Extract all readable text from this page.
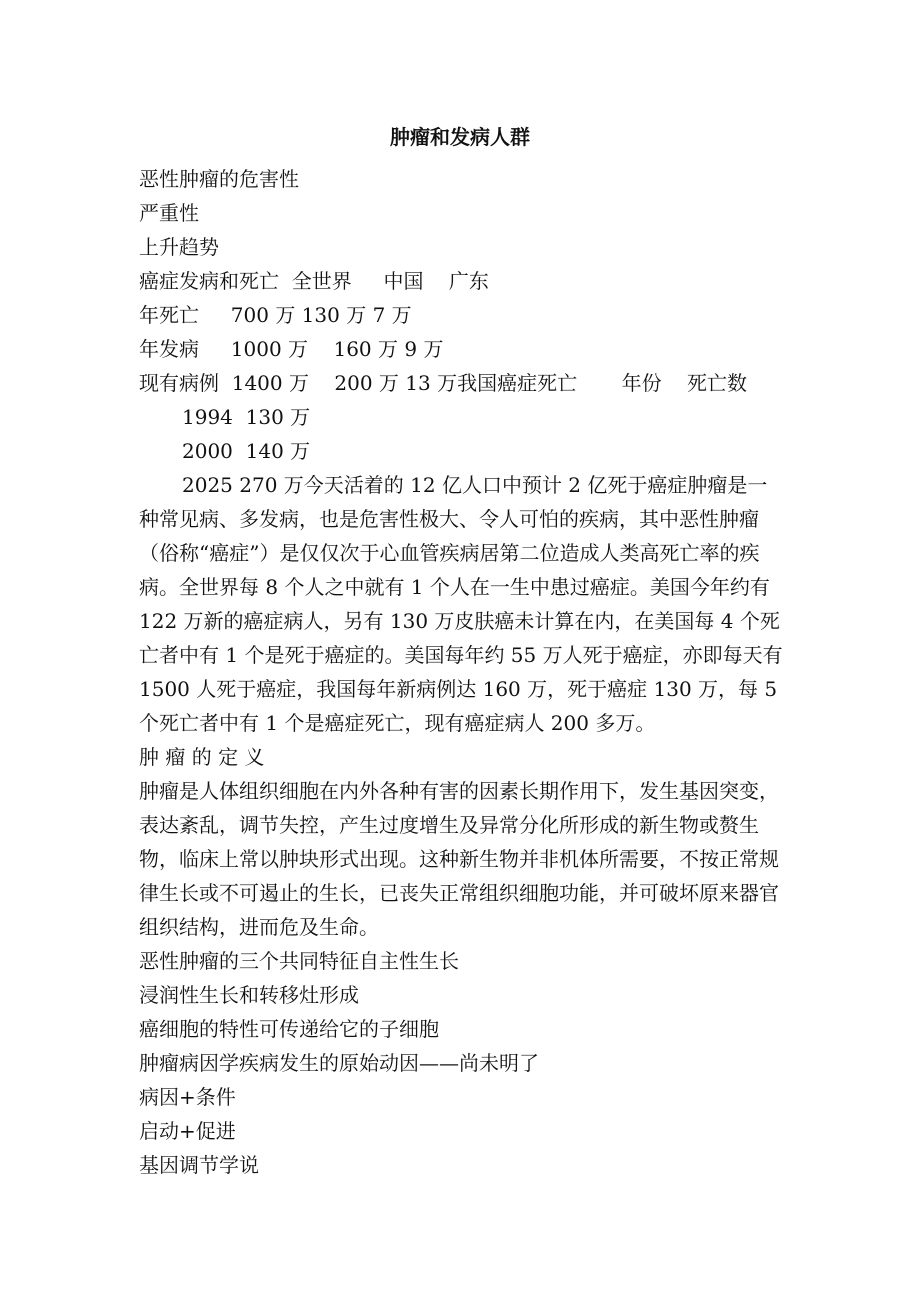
肿瘤和发病人群

恶性肿瘤的危害性

严重性

上升趋势

癌症发病和死亡  全世界     中国    广东

年死亡     700 万 130 万 7 万

年发病     1000 万    160 万 9 万

现有病例  1400 万    200 万 13 万我国癌症死亡       年份    死亡数

1994  130 万

2000  140 万

2025 270 万今天活着的 12 亿人口中预计 2 亿死于癌症肿瘤是一种常见病、多发病，也是危害性极大、令人可怕的疾病，其中恶性肿瘤（俗称“癌症”）是仅仅次于心血管疾病居第二位造成人类高死亡率的疾病。全世界每 8 个人之中就有 1 个人在一生中患过癌症。美国今年约有 122 万新的癌症病人，另有 130 万皮肤癌未计算在内，在美国每 4 个死亡者中有 1 个是死于癌症的。美国每年约 55 万人死于癌症，亦即每天有 1500 人死于癌症，我国每年新病例达 160 万，死于癌症 130 万，每 5 个死亡者中有 1 个是癌症死亡，现有癌症病人 200 多万。

肿 瘤 的 定 义

肿瘤是人体组织细胞在内外各种有害的因素长期作用下，发生基因突变，表达紊乱，调节失控，产生过度增生及异常分化所形成的新生物或赘生物，临床上常以肿块形式出现。这种新生物并非机体所需要，不按正常规律生长或不可遏止的生长，已丧失正常组织细胞功能，并可破坏原来器官组织结构，进而危及生命。

恶性肿瘤的三个共同特征自主性生长

浸润性生长和转移灶形成

癌细胞的特性可传递给它的子细胞

肿瘤病因学疾病发生的原始动因——尚未明了

病因+条件

启动+促进

基因调节学说
